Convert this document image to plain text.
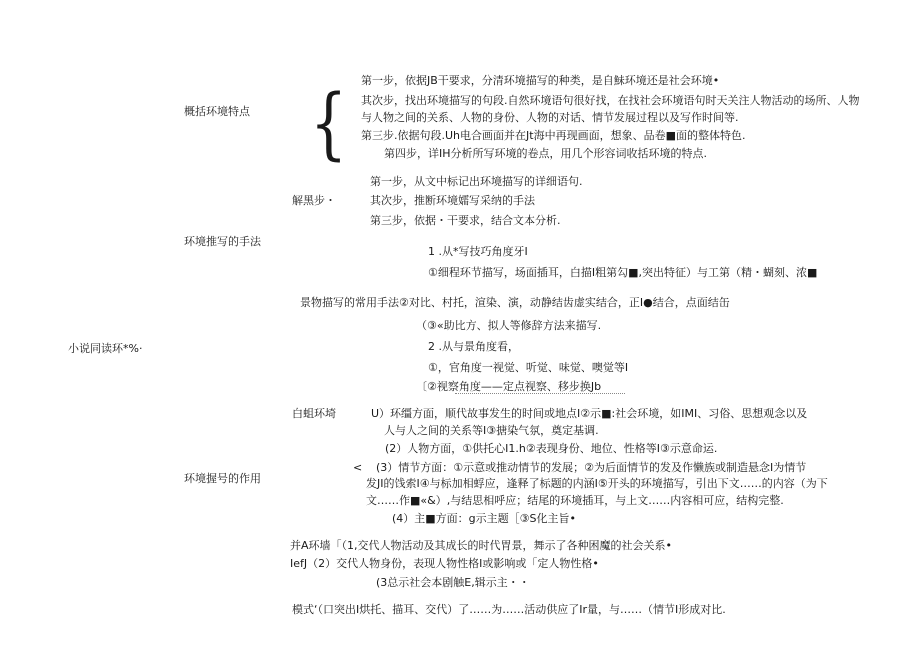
小说同读环*%·
概括环境特点 { 第一步，依据JB干要求，分清环境描写的种类，是自鮇环境还是社会环境•
其次步，找出环境描写的句段.自然环境语句很好找，在找社会环境语句时天关注人物活动的场所、人物
与人物之间的关系、人物的身份、人物的对话、情节发展过程以及写作时间等.
第三步.依据句段.Uh电合画面并在Jt海中再现画面，想象、品卷■面的整体特色.
第四步，详IH分析所写环境的卷点，用几个形容词收括环境的特点.
环境推写的手法
解黑步・
第一步，从文中标记出环境描写的详细语句.
其次步，推断环境嬬写采纳的手法
第三步，依据・干要求，结合文本分析.
1 .从*写技巧角度牙I
①细程环节描写，场面插耳，白描I粗第勾■,突出特征）与工第（精・蝴刻、浓■
景物描写的常用手法②对比、村托，渲染、演，动静结齿虚实结合，正I●结合，点面结缶
（③«助比方、拟人等修辞方法来描写.
2 .从与景角度看，
①，官角度一视觉、听觉、味觉、噢觉等I
〔②视察角度——定点视察、移步换Jb
白蛆环埼
环境握号的作用
U）环缰方面，顺代故事发生的时间或地点I②示■:社会环境，如IMI、习俗、思想观念以及
人与人之间的关系等I③搪染气氛，奠定基调.
(2）人物方面，①供托心I1.h②表现身份、地位、性格等I③示意命运.
< (3）情节方面：①示意或推动情节的发展；②为后面情节的发及作懒族或制造悬念I为情节
发JI的饯索I④与标加相蜉应，逢释了标题的内涵I⑤开头的环境描写，引出下文……的内容（为下
文……作■«&）,与结思相呼应；结尾的环境插耳，与上文……内容相可应，结构完整.
(4）主■方面：g示主题［③S化主旨•
并A环墙「（1,交代人物活动及其成长的时代胃景，舞示了各种困魔的社会关系•
IefJ（2）交代人物身份，表现人物性格I或影响或「定人物性格•
(3总示社会本剧触E,辑示主・・
模式‘（口突出I烘托、描耳、交代）了……为……活动供应了Ir量，与……（情节I形成对比.
